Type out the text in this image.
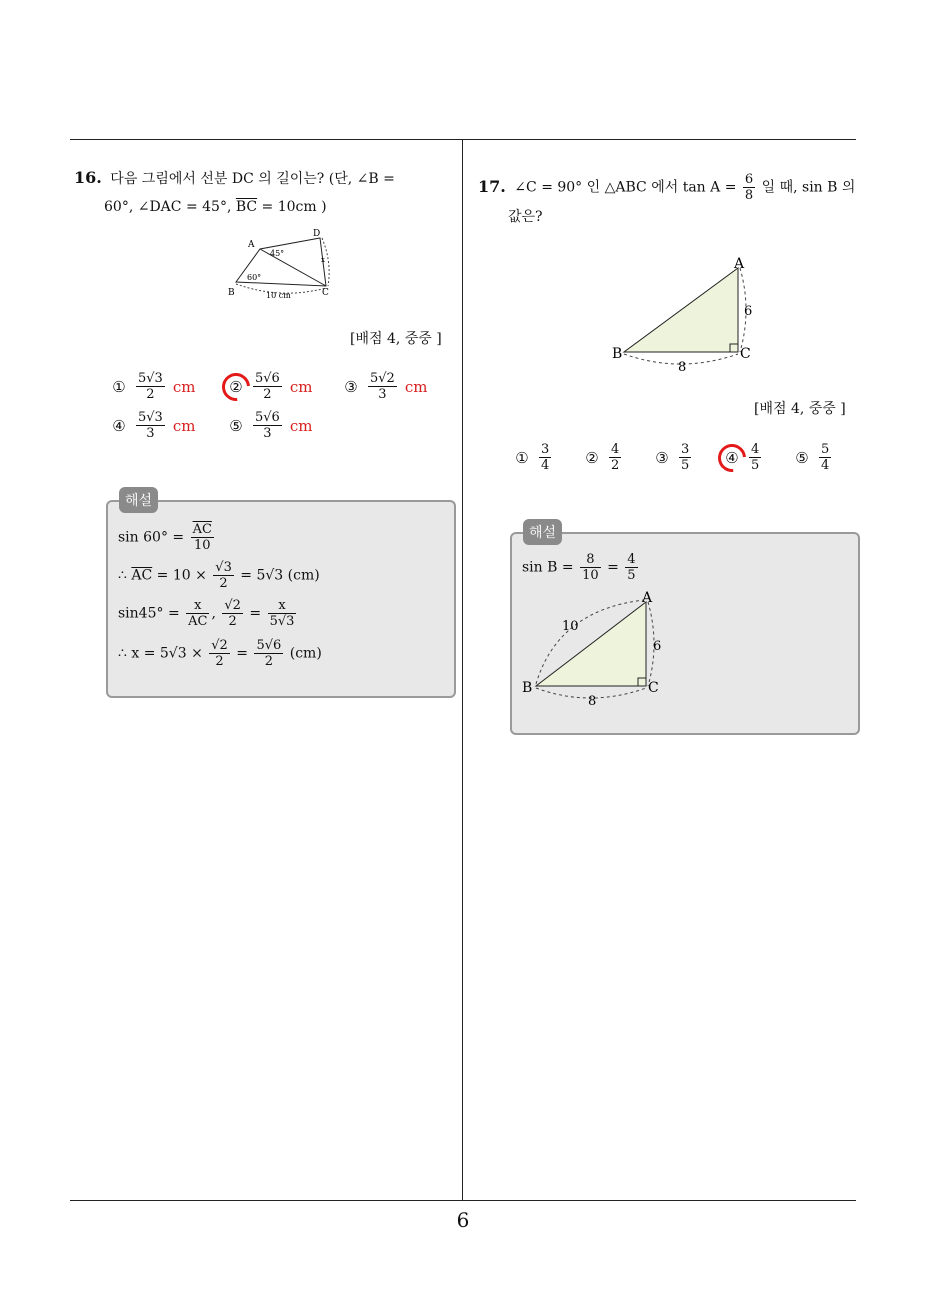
16. 다음 그림에서 선분 DC 의 길이는? (단, ∠B =
60°, ∠DAC = 45°, $\overline{BC} = 10cm$ )
A
B	C
D
45°
60°
10 cm
x
[배점 4, 중중 ]
① $\frac{5√3}{2}$ cm ② $\frac{5√6}{2}$ cm ③ $\frac{5√2}{3}$ cm
④ $\frac{5√3}{3}$ cm ⑤ $\frac{5√6}{3}$ cm
해설
$\sin 60^\circ = \frac{\overline{AC}}{10}$
∴ $\overline{AC} = 10 \times \frac{√3}{2} = 5√3$ (cm)
$\sin 45^\circ = \frac{x}{AC}$ , $\frac{√2}{2} = \frac{x}{5√3}$
∴ $x = 5√3 \times \frac{√2}{2} = \frac{5√6}{2} (cm)$
17. ∠C = 90° 인 △ABC 에서 $\tan A = \frac{6}{8}$ 일 때, sin B 의
값은?
A
B	C
6
8
[배점 4, 중중 ]
① $\frac{3}{4}$ ② $\frac{4}{2}$ ③ $\frac{3}{5}$ ④ $\frac{4}{5}$ ⑤ $\frac{5}{4}$
해설
$\sin B = \frac{8}{10} = \frac{4}{5}$
A
B	C
10
6
8
6
